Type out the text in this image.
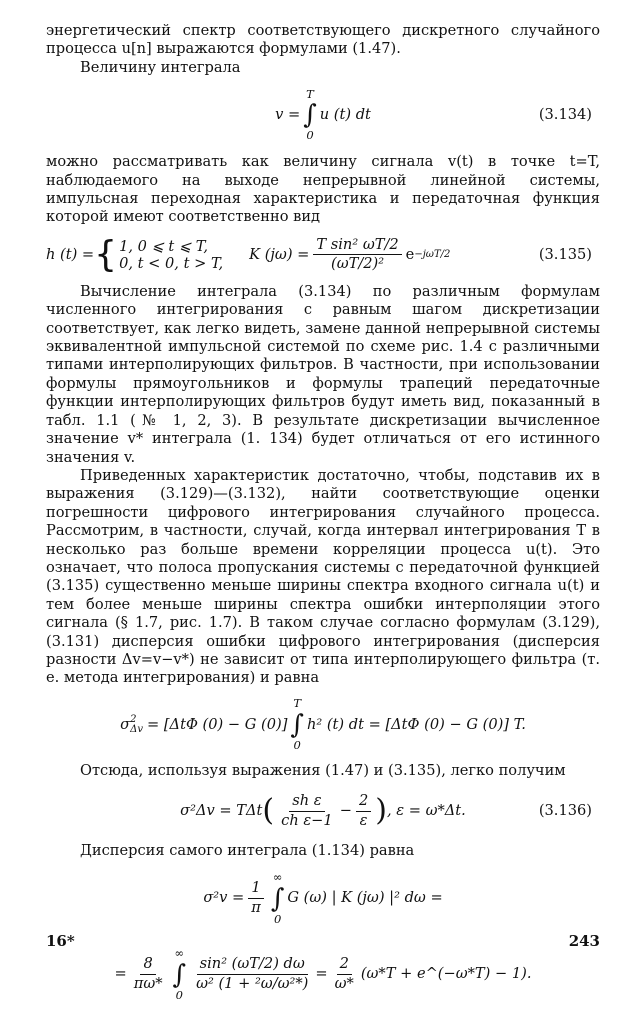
энергетический спектр соответствующего дискретного случайного процесса u[n] выражаются формулами (1.47).

Величину интеграла

v =
T
∫
0
u (t) dt	(3.134)

можно рассматривать как величину сигнала v(t) в точке t=T, наблюдаемого на выходе непрерывной линейной системы, импульсная переходная характеристика и передаточная функция которой имеют соответственно вид

h (t) = { 1, 0 ⩽ t ⩽ T,
0, t < 0, t > T,
K $(j\omega) = \frac{\text{T sin² ωT/2}}{\text{(ωT/2)²}}$ e −jωT/2	(3.135)

Вычисление интеграла (3.134) по различным формулам численного интегрирования с равным шагом дискретизации соответствует, как легко видеть, замене данной непрерывной системы эквивалентной импульсной системой по схеме рис. 1.4 с различными типами интерполирующих фильтров. В частности, при использовании формулы прямоугольников и формулы трапеций передаточные функции интерполирующих фильтров будут иметь вид, показанный в табл. 1.1 (№ 1, 2, 3). В результате дискретизации вычисленное значение v* интеграла (1. 134) будет отличаться от его истинного значения v.

Приведенных характеристик достаточно, чтобы, подставив их в выражения (3.129)—(3.132), найти соответствующие оценки погрешности цифрового интегрирования случайного процесса. Рассмотрим, в частности, случай, когда интервал интегрирования T в несколько раз больше времени корреляции процесса u(t). Это означает, что полоса пропускания системы с передаточной функцией (3.135) существенно меньше ширины спектра входного сигнала u(t) и тем более меньше ширины спектра ошибки интерполяции этого сигнала (§ 1.7, рис. 1.7). В таком случае согласно формулам (3.129), (3.131) дисперсия ошибки цифрового интегрирования (дисперсия разности Δv=v−v*) не зависит от типа интерполирующего фильтра (т. е. метода интегрирования) и равна

σ 2
Δv = [ΔtΦ (0) − G (0)]
T
∫
0
h² (t) dt = [ΔtΦ (0) − G (0)] T.

Отсюда, используя выражения (1.47) и (3.135), легко получим

σ²Δv = TΔt ( $\frac{\text{sh ε}}{\text{ch ε−1}} - \frac{2}{\varepsilon}$ ) , ε = ω*Δt.	(3.136)

Дисперсия самого интеграла (1.134) равна

$\sigma^2v = \frac{1}{\pi}$
∞
∫
0
G (ω) | K (jω) |² dω =
= $\frac{8}{\pi\omega*}$
∞
∫
0
$\frac{\text{sin² (ωT/2) dω}}{\text{ω² (1 + ²ω/ω²*)}} = \frac{2}{\omega*} (\omega*T$ + e^(−ω*T) − 1).
16*	243
